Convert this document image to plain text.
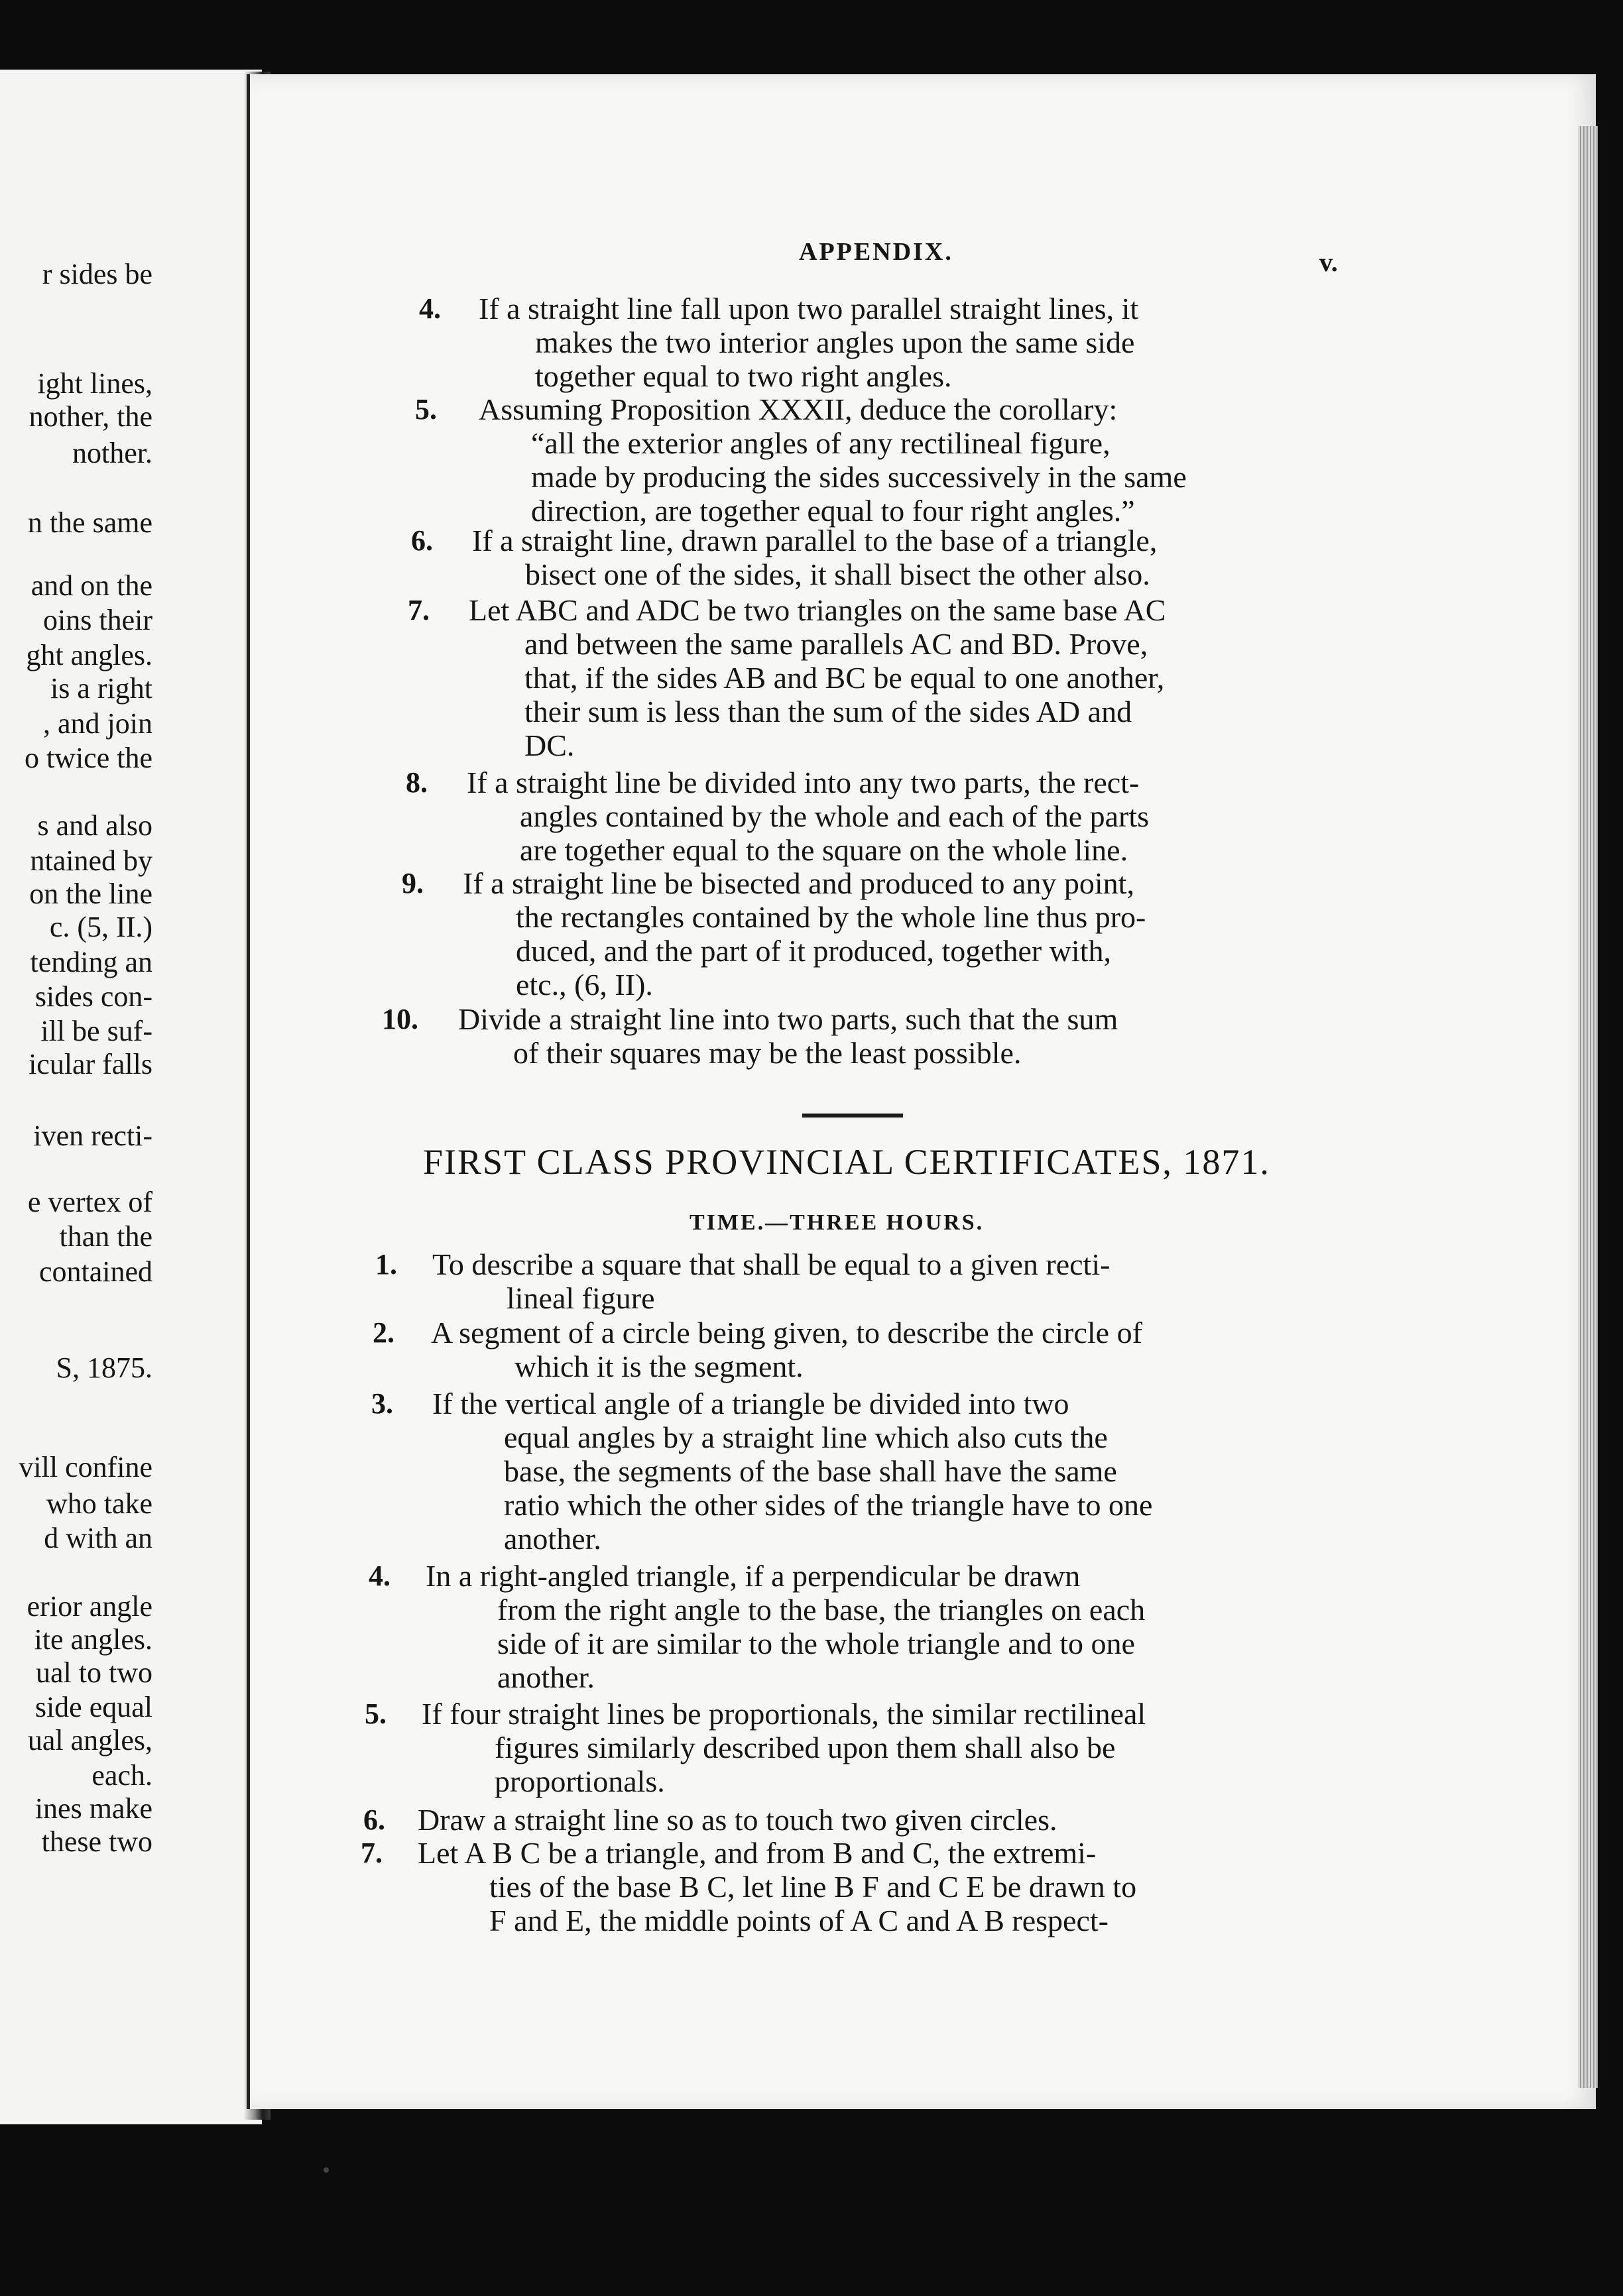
r sides be
ight lines,
nother, the
nother.
n the same
and on the
oins their
ght angles.
is a right
, and join
o twice the
s and also
ntained by
on the line
c. (5, II.)
tending an
sides con-
ill be suf-
icular falls
iven recti-
e vertex of
than the
contained
S, 1875.
vill confine
who take
d with an
erior angle
ite angles.
ual to two
side equal
ual angles,
each.
ines make
these two
APPENDIX.	v.
4. If a straight line fall upon two parallel straight lines, it
makes the two interior angles upon the same side
together equal to two right angles.
5. Assuming Proposition XXXII, deduce the corollary:
“all the exterior angles of any rectilineal figure,
made by producing the sides successively in the same
direction, are together equal to four right angles.”
6. If a straight line, drawn parallel to the base of a triangle,
bisect one of the sides, it shall bisect the other also.
7. Let ABC and ADC be two triangles on the same base AC
and between the same parallels AC and BD. Prove,
that, if the sides AB and BC be equal to one another,
their sum is less than the sum of the sides AD and
DC.
8. If a straight line be divided into any two parts, the rect-
angles contained by the whole and each of the parts
are together equal to the square on the whole line.
9. If a straight line be bisected and produced to any point,
the rectangles contained by the whole line thus pro-
duced, and the part of it produced, together with,
etc., (6, II).
10. Divide a straight line into two parts, such that the sum
of their squares may be the least possible.
FIRST CLASS PROVINCIAL CERTIFICATES, 1871.
TIME.—THREE HOURS.
1. To describe a square that shall be equal to a given recti-
lineal figure
2. A segment of a circle being given, to describe the circle of
which it is the segment.
3. If the vertical angle of a triangle be divided into two
equal angles by a straight line which also cuts the
base, the segments of the base shall have the same
ratio which the other sides of the triangle have to one
another.
4. In a right-angled triangle, if a perpendicular be drawn
from the right angle to the base, the triangles on each
side of it are similar to the whole triangle and to one
another.
5. If four straight lines be proportionals, the similar rectilineal
figures similarly described upon them shall also be
proportionals.
6. Draw a straight line so as to touch two given circles.
7. Let A B C be a triangle, and from B and C, the extremi-
ties of the base B C, let line B F and C E be drawn to
F and E, the middle points of A C and A B respect-
